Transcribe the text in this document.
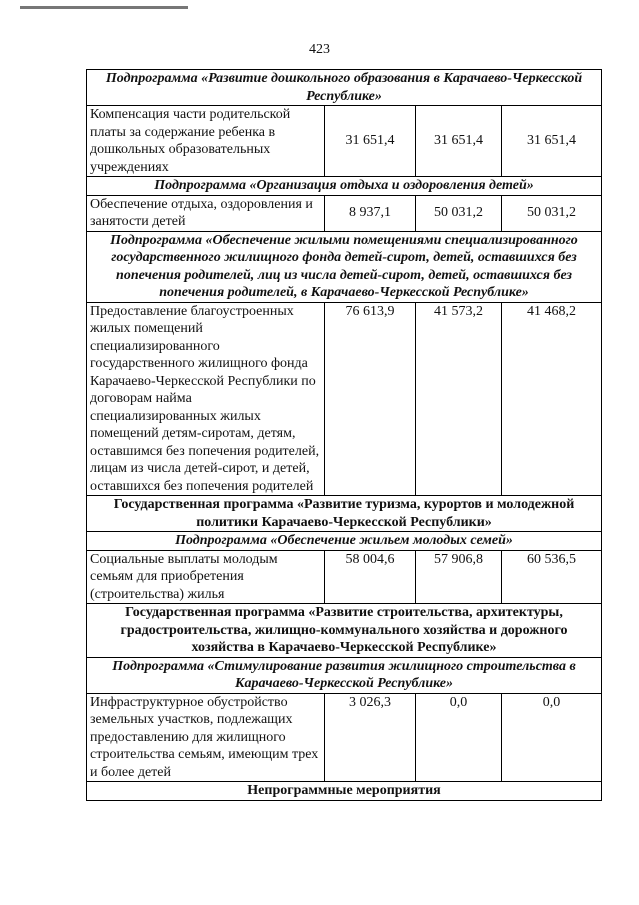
423
Подпрограмма «Развитие дошкольного образования в Карачаево-Черкесской Республике»			
Компенсация части родительской платы за содержание ребенка в дошкольных образовательных учреждениях	31 651,4	31 651,4	31 651,4
Подпрограмма «Организация отдыха и оздоровления детей»			
Обеспечение отдыха, оздоровления и занятости детей	8 937,1	50 031,2	50 031,2
Подпрограмма «Обеспечение жилыми помещениями специализированного государственного жилищного фонда детей-сирот, детей, оставшихся без попечения родителей, лиц из числа детей-сирот, детей, оставшихся без попечения родителей, в Карачаево-Черкесской Республике»			
Предоставление благоустроенных жилых помещений специализированного государственного жилищного фонда Карачаево-Черкесской Республики по договорам найма специализированных жилых помещений детям-сиротам, детям, оставшимся без попечения родителей, лицам из числа детей-сирот, и детей, оставшихся без попечения родителей	76 613,9	41 573,2	41 468,2
Государственная программа «Развитие туризма, курортов и молодежной политики Карачаево-Черкесской Республики»			
Подпрограмма «Обеспечение жильем молодых семей»			
Социальные выплаты молодым семьям для приобретения (строительства) жилья	58 004,6	57 906,8	60 536,5
Государственная программа «Развитие строительства, архитектуры, градостроительства, жилищно-коммунального хозяйства и дорожного хозяйства в Карачаево-Черкесской Республике»			
Подпрограмма «Стимулирование развития жилищного строительства в Карачаево-Черкесской Республике»			
Инфраструктурное обустройство земельных участков, подлежащих предоставлению для жилищного строительства семьям, имеющим трех и более детей	3 026,3	0,0	0,0
Непрограммные мероприятия			
